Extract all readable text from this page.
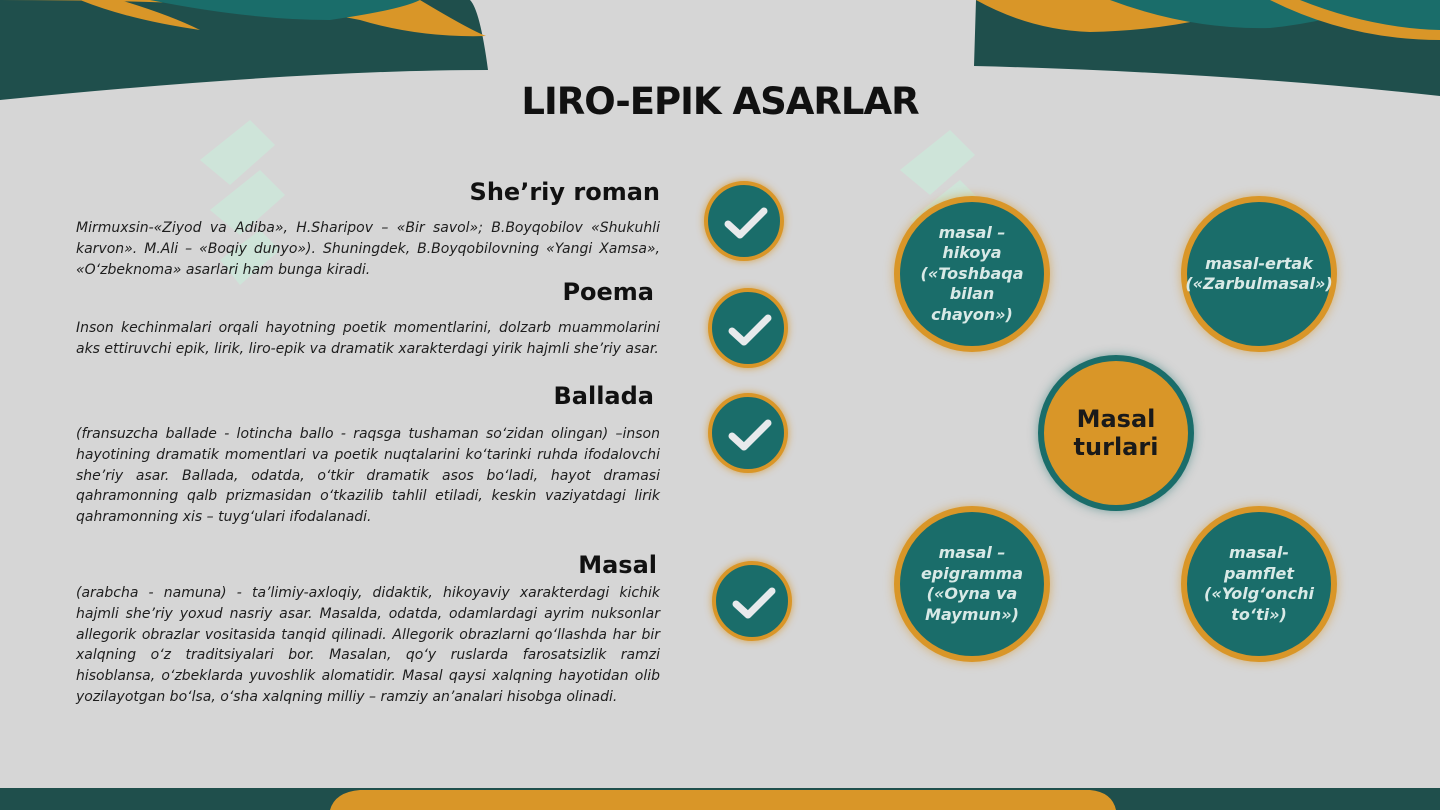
LIRO-EPIK ASARLAR
She’riy roman
Poema
Ballada
Masal
Mirmuxsin-«Ziyod va Adiba», H.Sharipov – «Bir savol»; B.Boyqobilov «Shukuhli karvon». M.Ali – «Boqiy dunyo»). Shuningdek, B.Boyqobilovning «Yangi Xamsa», «O‘zbeknoma» asarlari ham bunga kiradi.
Inson kechinmalari orqali hayotning poetik momentlarini, dolzarb muammolarini aks ettiruvchi epik, lirik, liro-epik va dramatik xarakterdagi yirik hajmli she’riy asar.
(fransuzcha ballade - lotincha ballo - raqsga tushaman so‘zidan olingan) –inson hayotining dramatik momentlari va poetik nuqtalarini ko‘tarinki ruhda ifodalovchi she’riy asar. Ballada, odatda, o‘tkir dramatik asos bo‘ladi, hayot dramasi qahramonning qalb prizmasidan o‘tkazilib tahlil etiladi, keskin vaziyatdagi lirik qahramonning xis – tuyg‘ulari ifodalanadi.
(arabcha - namuna) - ta’limiy-axloqiy, didaktik, hikoyaviy xarakterdagi kichik hajmli she’riy yoxud nasriy asar. Masalda, odatda, odamlardagi ayrim nuksonlar allegorik obrazlar vositasida tanqid qilinadi. Allegorik obrazlarni qo‘llashda har bir xalqning o‘z traditsiyalari bor. Masalan, qo‘y ruslarda farosatsizlik ramzi hisoblansa, o‘zbeklarda yuvoshlik alomatidir. Masal qaysi xalqning hayotidan olib yozilayotgan bo‘lsa, o‘sha xalqning milliy – ramziy an’analari hisobga olinadi.
masal – hikoya («Toshbaqa bilan chayon»)
masal-ertak («Zarbulmasal»)
masal – epigramma («Oyna va Maymun»)
masal-pamflet («Yolg‘onchi to‘ti»)
Masal turlari
